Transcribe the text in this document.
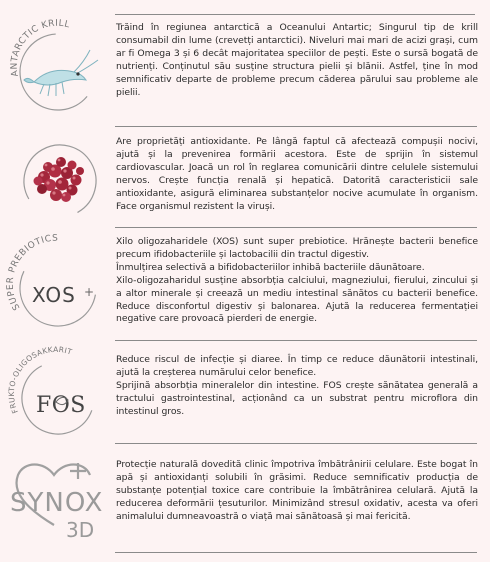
ANTARCTIC KRILL	Trăind în regiunea antarctică a Oceanului Antartic; Singurul tip de krill consumabil din lume (crevetți antarctici). Niveluri mai mari de acizi grași, cum ar fi Omega 3 și 6 decât majoritatea speciilor de pești. Este o sursă bogată de nutrienți. Conținutul său susține structura pielii și blănii. Astfel, ține în mod semnificativ departe de probleme precum căderea părului sau probleme ale pielii.

Are proprietăți antioxidante. Pe lângă faptul că afectează compușii nocivi, ajută și la prevenirea formării acestora. Este de sprijin în sistemul cardiovascular. Joacă un rol în reglarea comunicării dintre celulele sistemului nervos. Crește funcția renală și hepatică. Datorită caracteristicii sale antioxidante, asigură eliminarea substanțelor nocive acumulate în organism. Face organismul rezistent la viruși.

SUPER PREBIOTICS
XOS +

Xilo oligozaharidele (XOS) sunt super prebiotice. Hrănește bacterii benefice precum ifidobacteriile și lactobacilii din tractul digestiv.

Înmulțirea selectivă a bifidobacteriilor inhibă bacteriile dăunătoare.

Xilo-oligozaharidul susține absorbția calciului, magneziului, fierului, zincului și a altor minerale și creează un mediu intestinal sănătos cu bacterii benefice. Reduce disconfortul digestiv și balonarea. Ajută la reducerea fermentației negative care provoacă pierderi de energie.

FRUKTO-OLIGOSAKKARIT
FOS

Reduce riscul de infecție și diaree. În timp ce reduce dăunătorii intestinali, ajută la creșterea numărului celor benefice.

Sprijină absorbția mineralelor din intestine. FOS crește sănătatea generală a tractului gastrointestinal, acționând ca un substrat pentru microflora din intestinul gros.

SYNOX
3D

Protecție naturală dovedită clinic împotriva îmbătrânirii celulare. Este bogat în apă și antioxidanți solubili în grăsimi. Reduce semnificativ producția de substanțe potențial toxice care contribuie la îmbătrânirea celulară. Ajută la reducerea deformării țesuturilor. Minimizând stresul oxidativ, acesta va oferi animalului dumneavoastră o viață mai sănătoasă și mai fericită.
